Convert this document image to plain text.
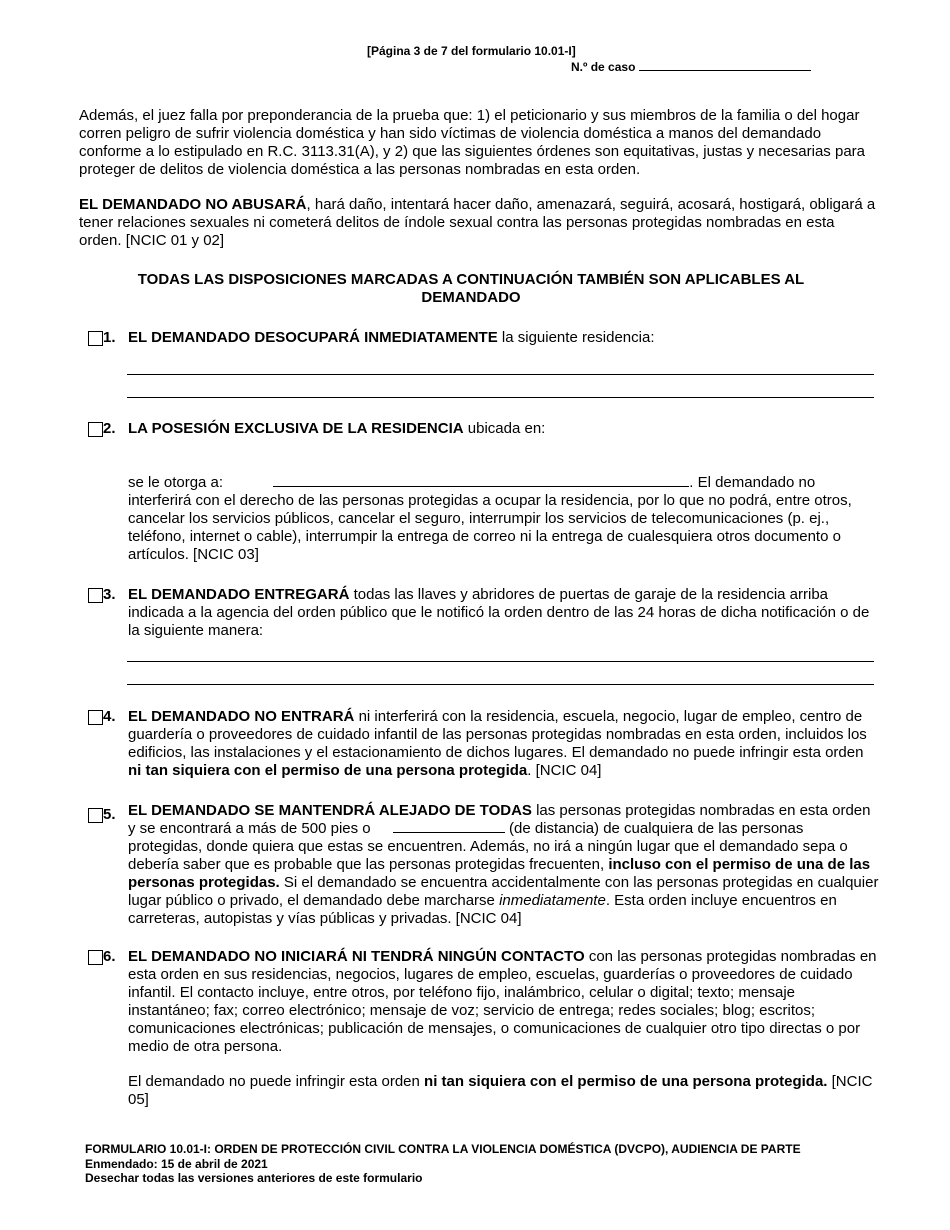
[Página 3 de 7 del formulario 10.01-I]
N.º de caso

Además, el juez falla por preponderancia de la prueba que: 1) el peticionario y sus miembros de la familia o del hogar corren peligro de sufrir violencia doméstica y han sido víctimas de violencia doméstica a manos del demandado conforme a lo estipulado en R.C. 3113.31(A), y 2) que las siguientes órdenes son equitativas, justas y necesarias para proteger de delitos de violencia doméstica a las personas nombradas en esta orden.

EL DEMANDADO NO ABUSARÁ, hará daño, intentará hacer daño, amenazará, seguirá, acosará, hostigará, obligará a tener relaciones sexuales ni cometerá delitos de índole sexual contra las personas protegidas nombradas en esta orden. [NCIC 01 y 02]

TODAS LAS DISPOSICIONES MARCADAS A CONTINUACIÓN TAMBIÉN SON APLICABLES AL DEMANDADO
1. EL DEMANDADO DESOCUPARÁ INMEDIATAMENTE la siguiente residencia:

2. LA POSESIÓN EXCLUSIVA DE LA RESIDENCIA ubicada en:

se le otorga a:	. El demandado no

interferirá con el derecho de las personas protegidas a ocupar la residencia, por lo que no podrá, entre otros, cancelar los servicios públicos, cancelar el seguro, interrumpir los servicios de telecomunicaciones (p. ej., teléfono, internet o cable), interrumpir la entrega de correo ni la entrega de cualesquiera otros documento o artículos. [NCIC 03]

3. EL DEMANDADO ENTREGARÁ todas las llaves y abridores de puertas de garaje de la residencia arriba indicada a la agencia del orden público que le notificó la orden dentro de las 24 horas de dicha notificación o de la siguiente manera:

4. EL DEMANDADO NO ENTRARÁ ni interferirá con la residencia, escuela, negocio, lugar de empleo, centro de guardería o proveedores de cuidado infantil de las personas protegidas nombradas en esta orden, incluidos los edificios, las instalaciones y el estacionamiento de dichos lugares. El demandado no puede infringir esta orden ni tan siquiera con el permiso de una persona protegida. [NCIC 04]

5. EL DEMANDADO SE MANTENDRÁ ALEJADO DE TODAS las personas protegidas nombradas en esta orden y se encontrará a más de 500 pies o	(de distancia) de cualquiera de las personas protegidas, donde quiera que estas se encuentren. Además, no irá a ningún lugar que el demandado sepa o debería saber que es probable que las personas protegidas frecuenten, incluso con el permiso de una de las personas protegidas. Si el demandado se encuentra accidentalmente con las personas protegidas en cualquier lugar público o privado, el demandado debe marcharse inmediatamente. Esta orden incluye encuentros en carreteras, autopistas y vías públicas y privadas. [NCIC 04]

6. EL DEMANDADO NO INICIARÁ NI TENDRÁ NINGÚN CONTACTO con las personas protegidas nombradas en esta orden en sus residencias, negocios, lugares de empleo, escuelas, guarderías o proveedores de cuidado infantil. El contacto incluye, entre otros, por teléfono fijo, inalámbrico, celular o digital; texto; mensaje instantáneo; fax; correo electrónico; mensaje de voz; servicio de entrega; redes sociales; blog; escritos; comunicaciones electrónicas; publicación de mensajes, o comunicaciones de cualquier otro tipo directas o por medio de otra persona.

El demandado no puede infringir esta orden ni tan siquiera con el permiso de una persona protegida. [NCIC 05]

FORMULARIO 10.01-I: ORDEN DE PROTECCIÓN CIVIL CONTRA LA VIOLENCIA DOMÉSTICA (DVCPO), AUDIENCIA DE PARTE
Enmendado: 15 de abril de 2021
Desechar todas las versiones anteriores de este formulario
